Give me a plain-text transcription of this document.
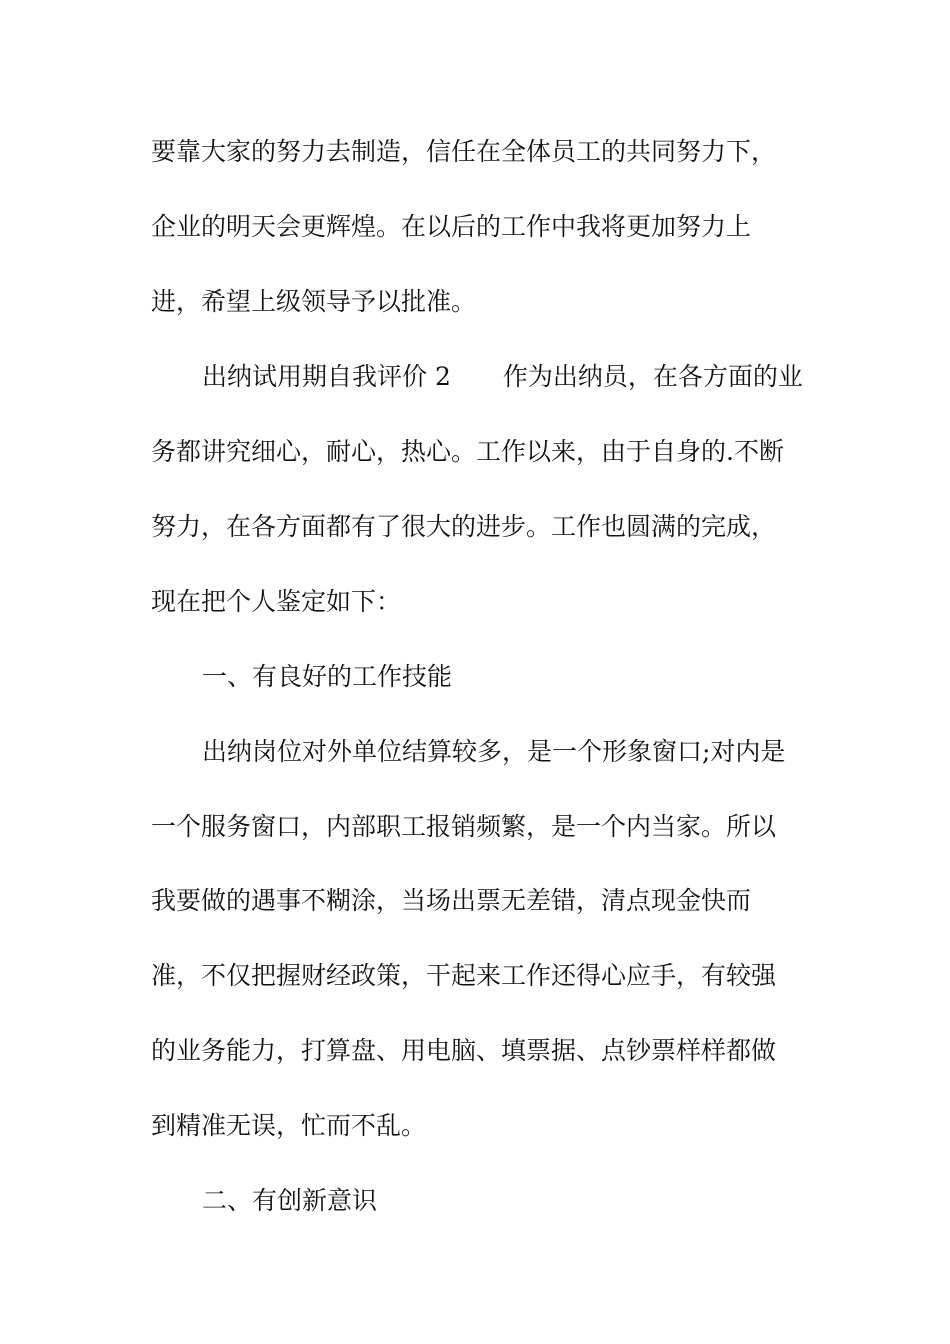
要靠大家的努力去制造，信任在全体员工的共同努力下，
企业的明天会更辉煌。在以后的工作中我将更加努力上
进，希望上级领导予以批准。
出纳试用期自我评价 2 作为出纳员，在各方面的业
务都讲究细心，耐心，热心。工作以来，由于自身的.不断
努力，在各方面都有了很大的进步。工作也圆满的完成，
现在把个人鉴定如下：
一、有良好的工作技能
出纳岗位对外单位结算较多，是一个形象窗口;对内是
一个服务窗口，内部职工报销频繁，是一个内当家。所以
我要做的遇事不糊涂，当场出票无差错，清点现金快而
准，不仅把握财经政策，干起来工作还得心应手，有较强
的业务能力，打算盘、用电脑、填票据、点钞票样样都做
到精准无误，忙而不乱。
二、有创新意识
